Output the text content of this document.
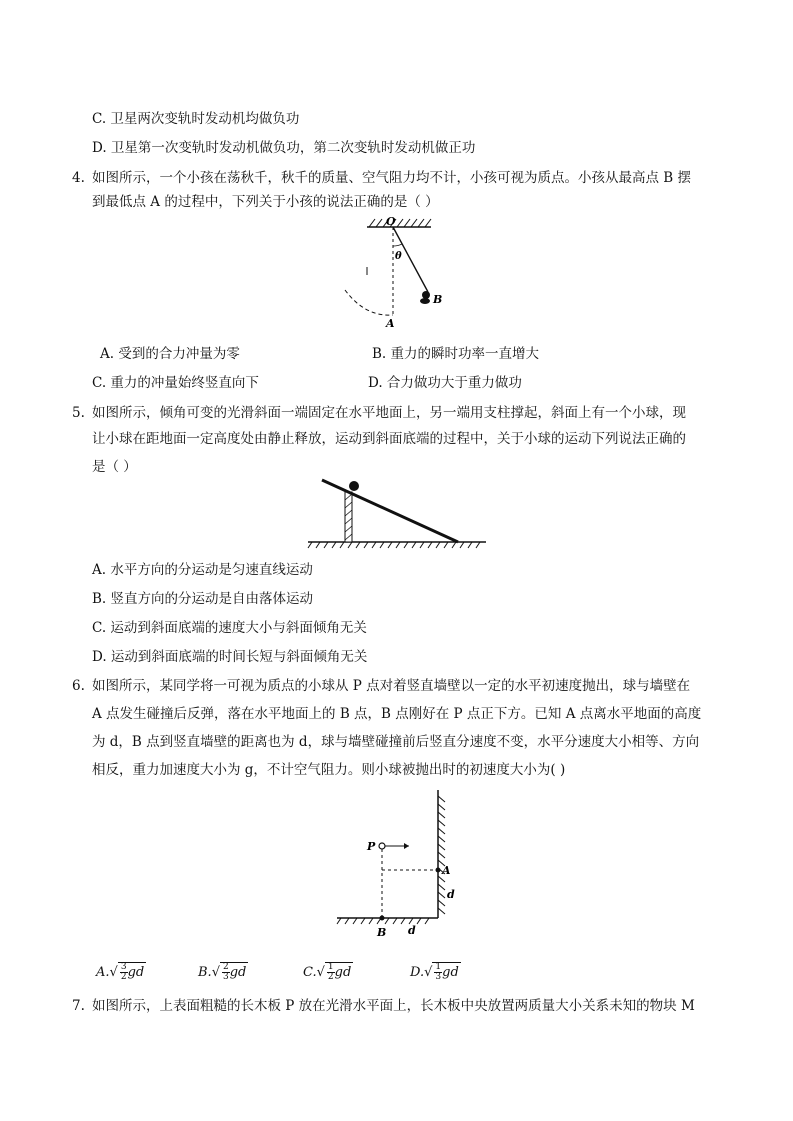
C. 卫星两次变轨时发动机均做负功
D. 卫星第一次变轨时发动机做负功，第二次变轨时发动机做正功
4. 如图所示，一个小孩在荡秋千，秋千的质量、空气阻力均不计，小孩可视为质点。小孩从最高点 B 摆
到最低点 A 的过程中，下列关于小孩的说法正确的是（ ）
O
θ
B
A
A. 受到的合力冲量为零	B. 重力的瞬时功率一直增大
C. 重力的冲量始终竖直向下	D. 合力做功大于重力做功
5. 如图所示，倾角可变的光滑斜面一端固定在水平地面上，另一端用支柱撑起，斜面上有一个小球，现
让小球在距地面一定高度处由静止释放，运动到斜面底端的过程中，关于小球的运动下列说法正确的
是（ ）
A. 水平方向的分运动是匀速直线运动
B. 竖直方向的分运动是自由落体运动
C. 运动到斜面底端的速度大小与斜面倾角无关
D. 运动到斜面底端的时间长短与斜面倾角无关
6. 如图所示，某同学将一可视为质点的小球从 P 点对着竖直墙壁以一定的水平初速度抛出，球与墙壁在
A 点发生碰撞后反弹，落在水平地面上的 B 点，B 点刚好在 P 点正下方。已知 A 点离水平地面的高度
为 d，B 点到竖直墙壁的距离也为 d，球与墙壁碰撞前后竖直分速度不变，水平分速度大小相等、方向
相反，重力加速度大小为 g，不计空气阻力。则小球被抛出时的初速度大小为( )
P
A
d
B d
$A.√ \frac{3}{2}$ gd	$B.√ \frac{2}{3}$ gd	$C.√ \frac{1}{2}$ gd	$D.√ \frac{1}{3}$ gd
7. 如图所示，上表面粗糙的长木板 P 放在光滑水平面上，长木板中央放置两质量大小关系未知的物块 M
